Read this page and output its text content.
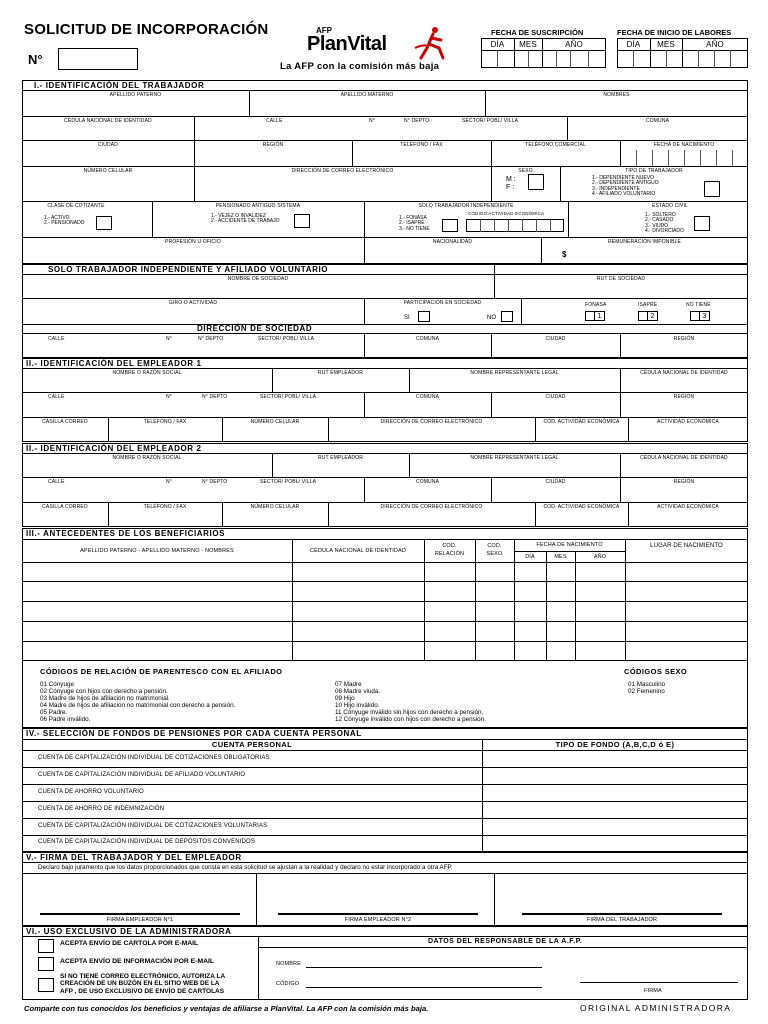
SOLICITUD DE INCORPORACIÓN
N°
AFP
PlanVital
La AFP con la comisión más baja
FECHA DE SUSCRIPCIÓN
DÍA	MES	AÑO
FECHA DE INICIO DE LABORES
DÍA	MES	AÑO
I.- IDENTIFICACIÓN DEL TRABAJADOR
APELLIDO PATERNO	APELLIDO MATERNO	NOMBRES
CÉDULA NACIONAL DE IDENTIDAD	CALLE	N°	N° DEPTO	SECTOR/ POBL/ VILLA	COMUNA
CIUDAD	REGIÓN	TELÉFONO / FAX	TELÉFONO COMERCIAL	FECHA DE NACIMIENTO
NÚMERO CELULAR	DIRECCIÓN DE CORREO ELECTRÓNICO	SEXO
M :
F :
TIPO DE TRABAJADOR
1.- DEPENDIENTE NUEVO
2.- DEPENDIENTE ANTIGUO
3.- INDEPENDIENTE
4.- AFILIADO VOLUNTARIO
CLASE DE COTIZANTE
1.- ACTIVO
2.- PENSIONADO
PENSIONADO ANTIGUO SISTEMA
1.- VEJEZ O INVALIDEZ
2.- ACCIDENTE DE TRABAJO
SOLO TRABAJADOR INDEPENDIENTE
1.- FONASA
2.- ISAPRE
3.- NO TIENE
CÓDIGO ACTIVIDAD ECONÓMICA
ESTADO CIVIL
1.- SOLTERO
2.- CASADO
3.- VIUDO
4.- DIVORCIADO
PROFESIÓN U OFICIO	NACIONALIDAD	REMUNERACIÓN IMPONIBLE
$
SOLO TRABAJADOR INDEPENDIENTE Y AFILIADO VOLUNTARIO
NOMBRE DE SOCIEDAD	RUT DE SOCIEDAD
GIRO O ACTIVIDAD	PARTICIPACIÓN EN SOCIEDAD
SI	NO
FONASA	ISAPRE	NO TIENE
1	2	3
DIRECCIÓN DE SOCIEDAD
CALLE	N°	N° DEPTO	SECTOR/ POBL/ VILLA	COMUNA	CIUDAD	REGIÓN
II.- IDENTIFICACIÓN DEL EMPLEADOR 1
NOMBRE O RAZÓN SOCIAL	RUT EMPLEADOR	NOMBRE REPRESENTANTE LEGAL	CÉDULA NACIONAL DE IDENTIDAD
CALLE	N°	N° DEPTO	SECTOR/ POBL/ VILLA	COMUNA	CIUDAD	REGIÓN
CASILLA CORREO	TELÉFONO / FAX	NÚMERO CELULAR	DIRECCIÓN DE CORREO ELECTRÓNICO	COD. ACTIVIDAD ECONÓMICA	ACTIVIDAD ECONÓMICA
II.- IDENTIFICACIÓN DEL EMPLEADOR 2
NOMBRE O RAZÓN SOCIAL	RUT EMPLEADOR	NOMBRE REPRESENTANTE LEGAL	CÉDULA NACIONAL DE IDENTIDAD
CALLE	N°	N° DEPTO	SECTOR/ POBL/ VILLA	COMUNA	CIUDAD	REGIÓN
CASILLA CORREO	TELÉFONO / FAX	NÚMERO CELULAR	DIRECCIÓN DE CORREO ELECTRÓNICO	COD. ACTIVIDAD ECONÓMICA	ACTIVIDAD ECONÓMICA
III.- ANTECEDENTES DE LOS BENEFICIARIOS
APELLIDO PATERNO - APELLIDO MATERNO - NOMBRES	CÉDULA NACIONAL DE IDENTIDAD
COD.
RELACIÓN
COD.
SEXO
FECHA DE NACIMIENTO
DÍA	MES	AÑO
LUGAR DE NACIMIENTO
CÓDIGOS DE RELACIÓN DE PARENTESCO CON EL AFILIADO	CÓDIGOS SEXO
01 Cónyuge
02 Cónyuge con hijos con derecho a pensión.
03 Madre de hijos de afiliación no matrimonial.
04 Madre de hijos de afiliación no matrimonial con derecho a pensión.
05 Padre.
06 Padre inválido.
07 Madre
08 Madre viuda.
09 Hijo
10 Hijo inválido.
11 Cónyuge inválido sin hijos con derecho a pensión.
12 Cónyuge inválido con hijos con derecho a pensión.
01 Masculino
02 Femenino
IV.- SELECCIÓN DE FONDOS DE PENSIONES POR CADA CUENTA PERSONAL
CUENTA PERSONAL	TIPO DE FONDO (A,B,C,D ó E)
CUENTA DE CAPITALIZACIÓN INDIVIDUAL DE COTIZACIONES OBLIGATORIAS
CUENTA DE CAPITALIZACIÓN INDIVIDUAL DE AFILIADO VOLUNTARIO
CUENTA DE AHORRO VOLUNTARIO
CUENTA DE AHORRO DE INDEMNIZACIÓN
CUENTA DE CAPITALIZACIÓN INDIVIDUAL DE COTIZACIONES VOLUNTARIAS
CUENTA DE CAPITALIZACIÓN INDIVIDUAL DE DEPÓSITOS CONVENIDOS
V.- FIRMA DEL TRABAJADOR Y DEL EMPLEADOR
Declaro bajo juramento que los datos proporcionados que consta en esta solicitud se ajustan a la realidad y declaro no estar incorporado a otra AFP.
FIRMA EMPLEADOR N°1	FIRMA EMPLEADOR N°2	FIRMA DEL TRABAJADOR
VI.- USO EXCLUSIVO DE LA ADMINISTRADORA
ACEPTA ENVÍO DE CARTOLA POR E-MAIL
ACEPTA ENVÍO DE INFORMACIÓN POR E-MAIL
SI NO TIENE CORREO ELECTRÓNICO, AUTORIZA LA
CREACIÓN DE UN BUZÓN EN EL SITIO WEB DE LA
AFP , DE USO EXCLUSIVO DE ENVÍO DE CARTOLAS
DATOS DEL RESPONSABLE DE LA A.F.P.
NOMBRE
CÓDIGO
FIRMA
Comparte con tus conocidos los beneficios y ventajas de afiliarse a PlanVital. La AFP con la comisión más baja.	ORIGINAL ADMINISTRADORA
